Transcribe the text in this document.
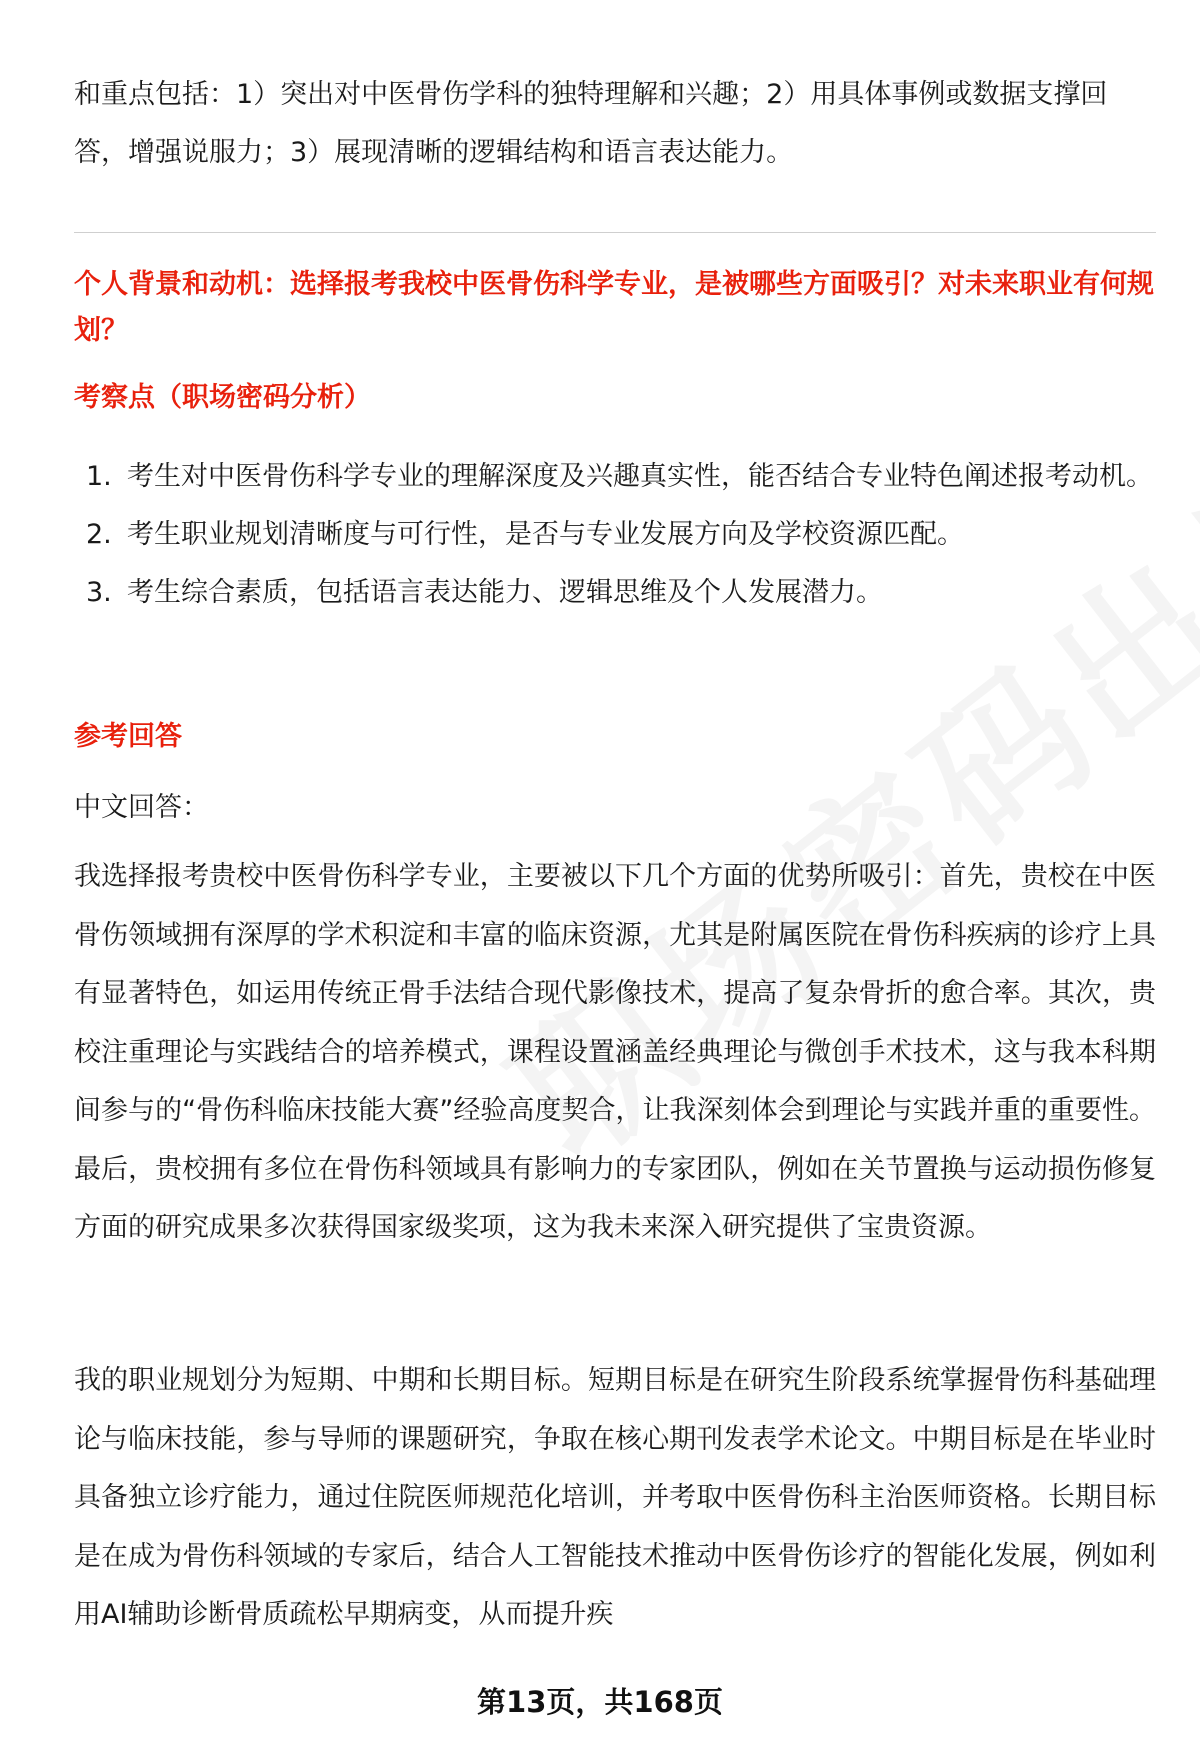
和重点包括：1）突出对中医骨伤学科的独特理解和兴趣；2）用具体事例或数据支撑回答，增强说服力；3）展现清晰的逻辑结构和语言表达能力。

个人背景和动机：选择报考我校中医骨伤科学专业，是被哪些方面吸引？对未来职业有何规划？
考察点（职场密码分析）
1. 考生对中医骨伤科学专业的理解深度及兴趣真实性，能否结合专业特色阐述报考动机。
2. 考生职业规划清晰度与可行性，是否与专业发展方向及学校资源匹配。
3. 考生综合素质，包括语言表达能力、逻辑思维及个人发展潜力。
参考回答

中文回答：

我选择报考贵校中医骨伤科学专业，主要被以下几个方面的优势所吸引：首先，贵校在中医骨伤领域拥有深厚的学术积淀和丰富的临床资源，尤其是附属医院在骨伤科疾病的诊疗上具有显著特色，如运用传统正骨手法结合现代影像技术，提高了复杂骨折的愈合率。其次，贵校注重理论与实践结合的培养模式，课程设置涵盖经典理论与微创手术技术，这与我本科期间参与的“骨伤科临床技能大赛”经验高度契合，让我深刻体会到理论与实践并重的重要性。最后，贵校拥有多位在骨伤科领域具有影响力的专家团队，例如在关节置换与运动损伤修复方面的研究成果多次获得国家级奖项，这为我未来深入研究提供了宝贵资源。

我的职业规划分为短期、中期和长期目标。短期目标是在研究生阶段系统掌握骨伤科基础理论与临床技能，参与导师的课题研究，争取在核心期刊发表学术论文。中期目标是在毕业时具备独立诊疗能力，通过住院医师规范化培训，并考取中医骨伤科主治医师资格。长期目标是在成为骨伤科领域的专家后，结合人工智能技术推动中医骨伤诊疗的智能化发展，例如利用AI辅助诊断骨质疏松早期病变，从而提升疾

第13页，共168页
